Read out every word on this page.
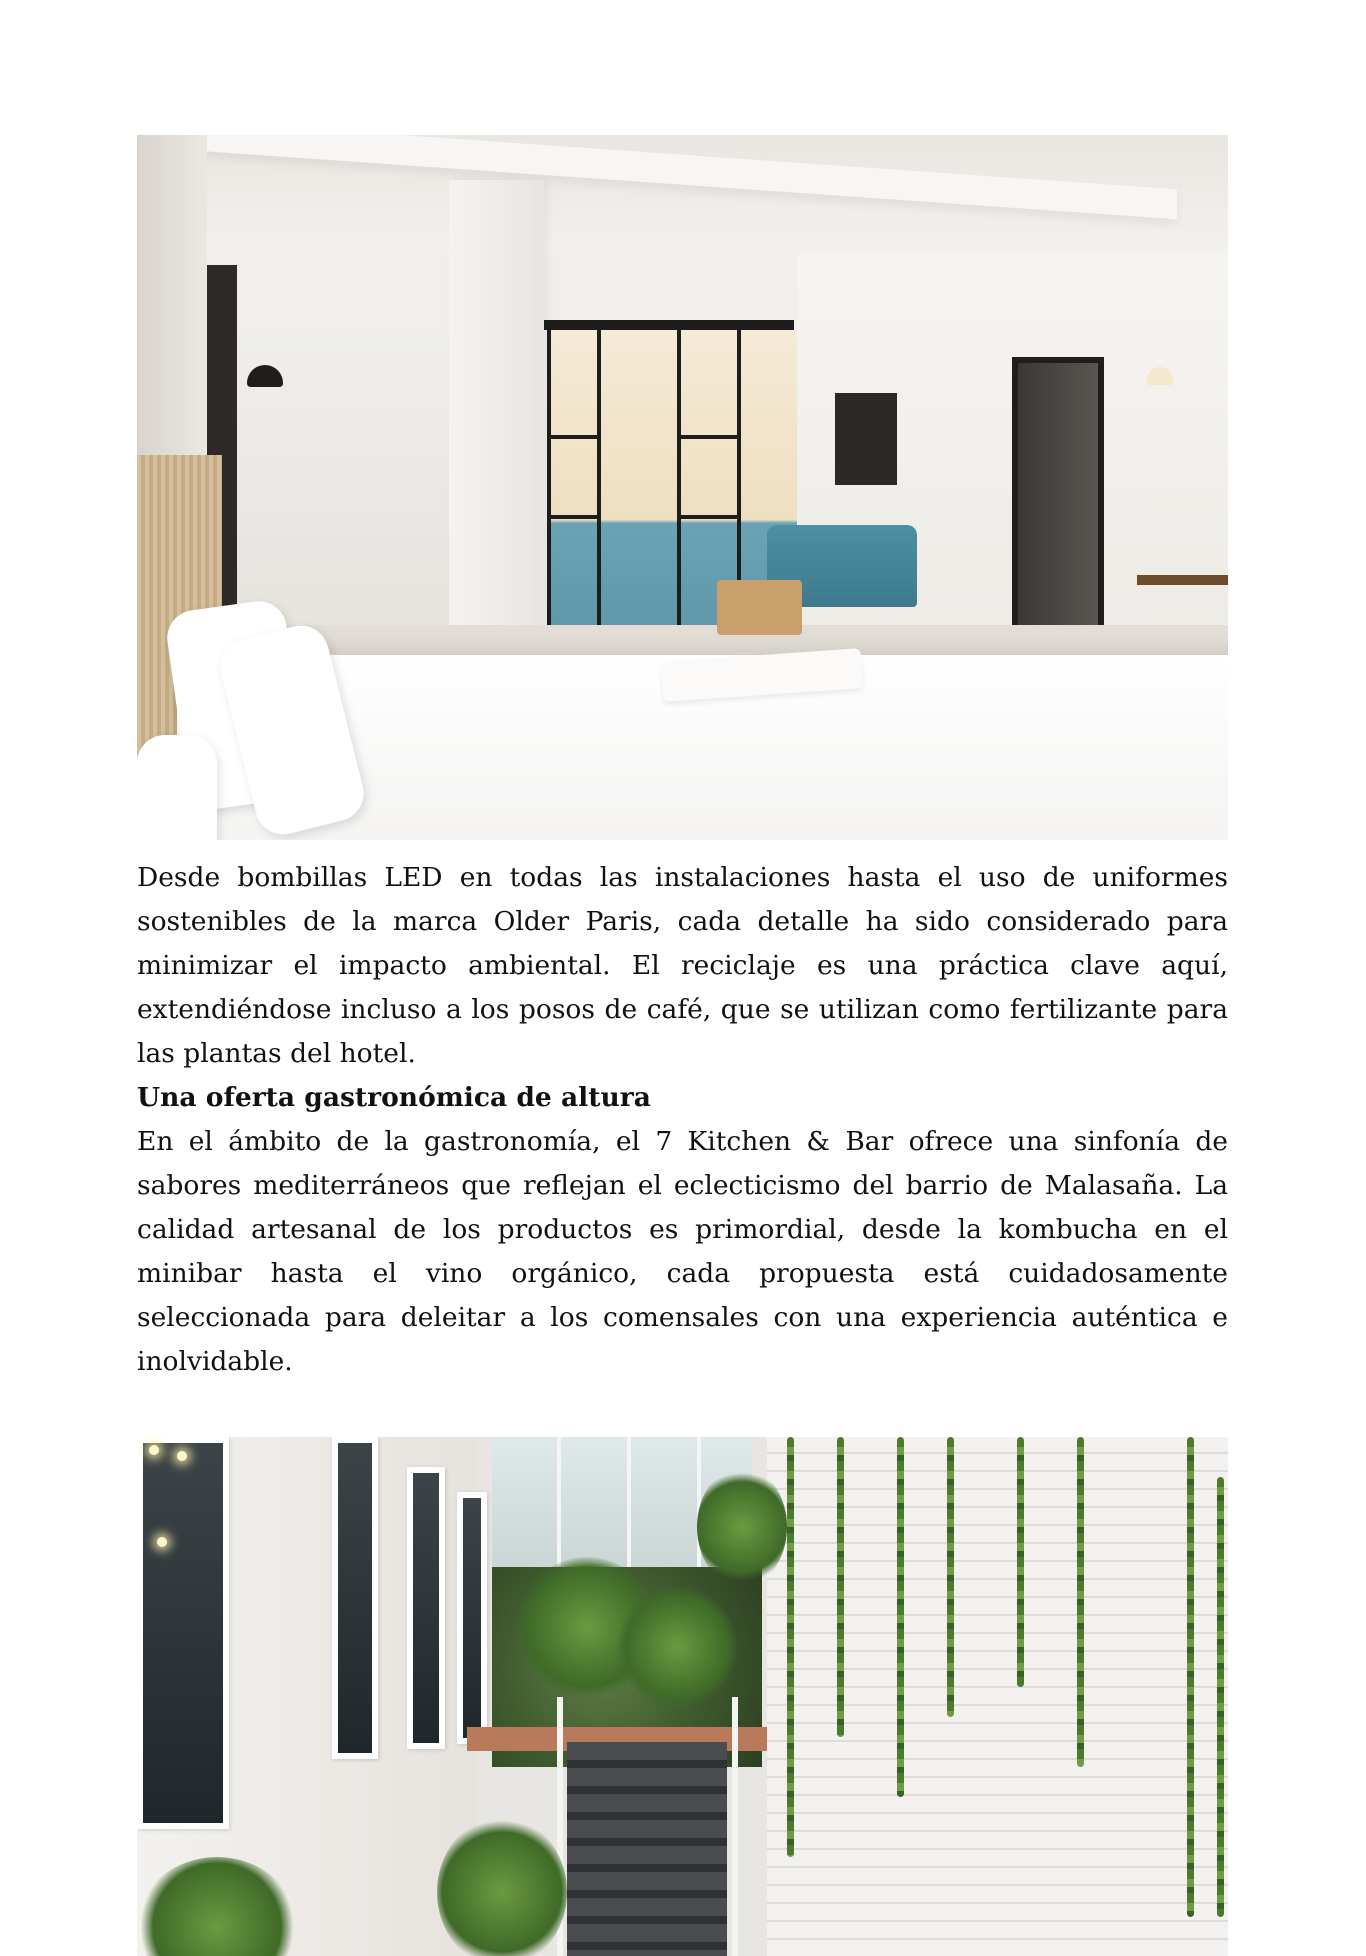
Desde bombillas LED en todas las instalaciones hasta el uso de uniformes sostenibles de la marca Older Paris, cada detalle ha sido considerado para minimizar el impacto ambiental. El reciclaje es una práctica clave aquí, extendiéndose incluso a los posos de café, que se utilizan como fertilizante para las plantas del hotel.

Una oferta gastronómica de altura

En el ámbito de la gastronomía, el 7 Kitchen & Bar ofrece una sinfonía de sabores mediterráneos que reflejan el eclecticismo del barrio de Malasaña. La calidad artesanal de los productos es primordial, desde la kombucha en el minibar hasta el vino orgánico, cada propuesta está cuidadosamente seleccionada para deleitar a los comensales con una experiencia auténtica e inolvidable.
